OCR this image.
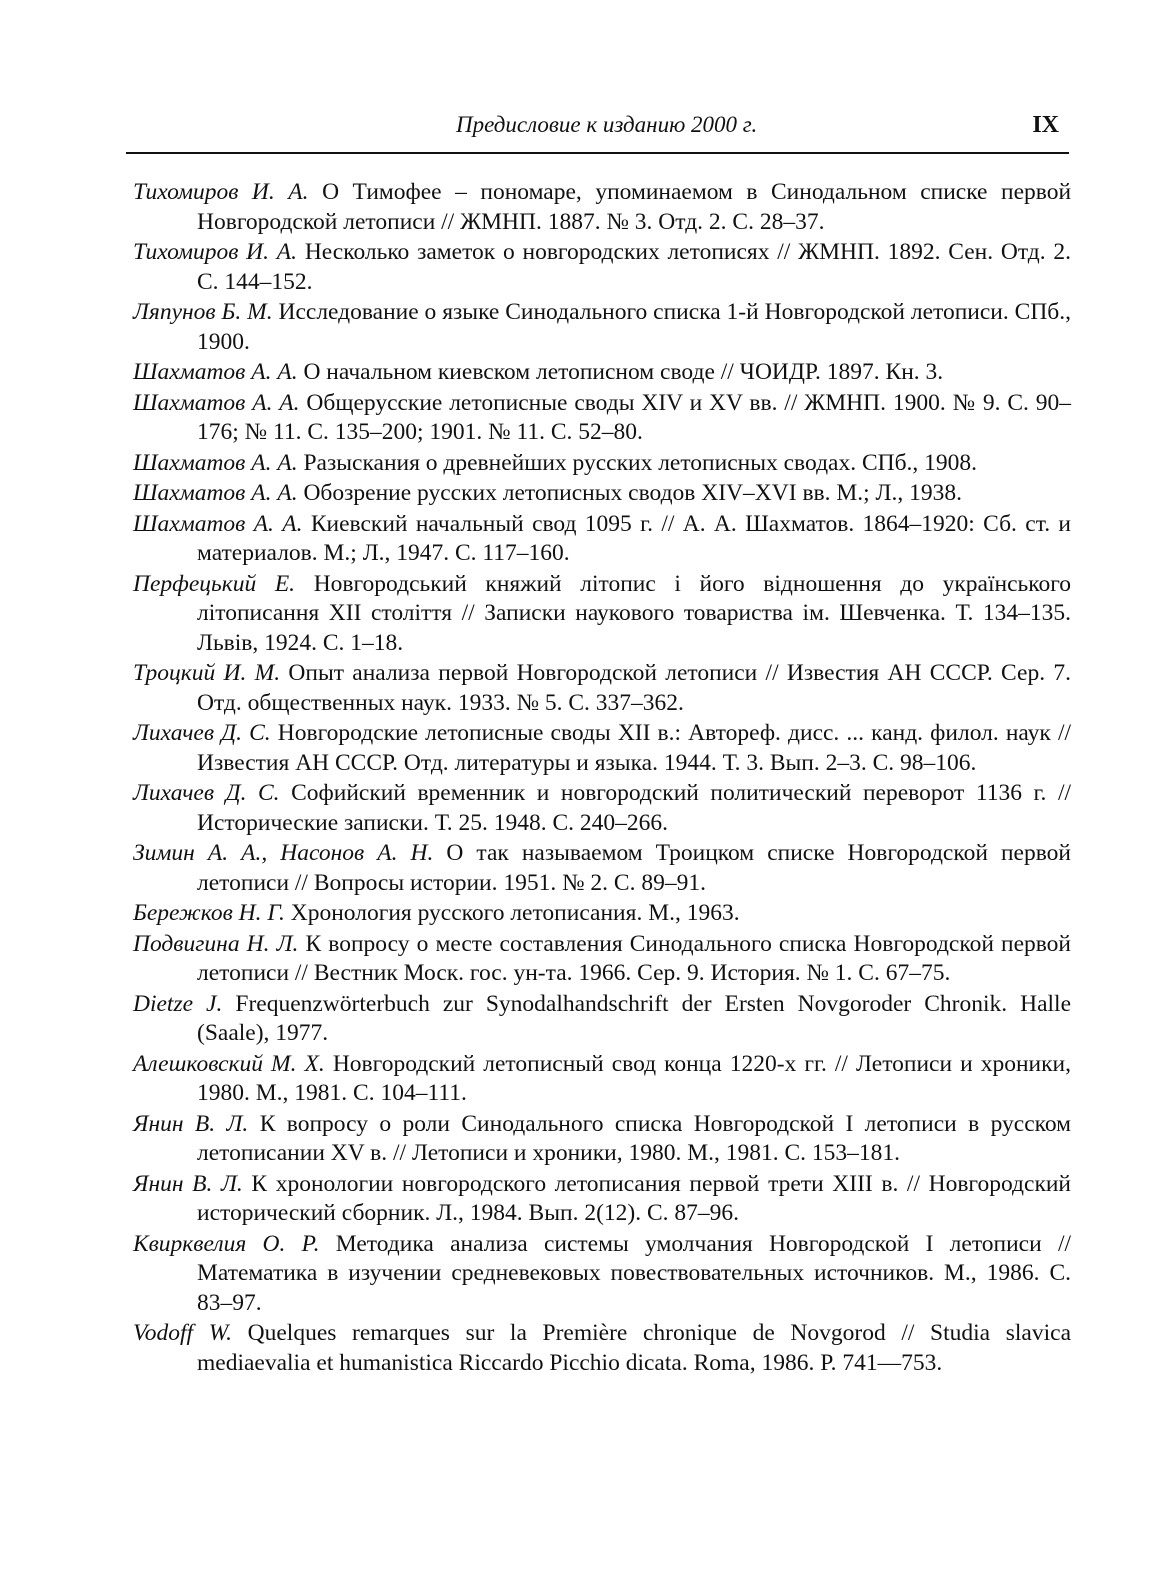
Предисловие к изданию 2000 г.	IX

Тихомиров И. А. О Тимофее – пономаре, упоминаемом в Синодальном списке первой Новгородской летописи // ЖМНП. 1887. № 3. Отд. 2. С. 28–37.

Тихомиров И. А. Несколько заметок о новгородских летописях // ЖМНП. 1892. Сен. Отд. 2. С. 144–152.

Ляпунов Б. М. Исследование о языке Синодального списка 1-й Новгородской летописи. СПб., 1900.

Шахматов А. А. О начальном киевском летописном своде // ЧОИДР. 1897. Кн. 3.

Шахматов А. А. Общерусские летописные своды XIV и XV вв. // ЖМНП. 1900. № 9. С. 90–176; № 11. С. 135–200; 1901. № 11. С. 52–80.

Шахматов А. А. Разыскания о древнейших русских летописных сводах. СПб., 1908.

Шахматов А. А. Обозрение русских летописных сводов XIV–XVI вв. М.; Л., 1938.

Шахматов А. А. Киевский начальный свод 1095 г. // А. А. Шахматов. 1864–1920: Сб. ст. и материалов. М.; Л., 1947. С. 117–160.

Перфецький Е. Новгородський княжий літопис і його відношення до українського літописання XII століття // Записки наукового товариства ім. Шевченка. Т. 134–135. Львів, 1924. С. 1–18.

Троцкий И. М. Опыт анализа первой Новгородской летописи // Известия АН СССР. Сер. 7. Отд. общественных наук. 1933. № 5. С. 337–362.

Лихачев Д. С. Новгородские летописные своды XII в.: Автореф. дисс. ... канд. филол. наук // Известия АН СССР. Отд. литературы и языка. 1944. Т. 3. Вып. 2–3. С. 98–106.

Лихачев Д. С. Софийский временник и новгородский политический переворот 1136 г. // Исторические записки. Т. 25. 1948. С. 240–266.

Зимин А. А., Насонов А. Н. О так называемом Троицком списке Новгородской первой летописи // Вопросы истории. 1951. № 2. С. 89–91.

Бережков Н. Г. Хронология русского летописания. М., 1963.

Подвигина Н. Л. К вопросу о месте составления Синодального списка Новгородской первой летописи // Вестник Моск. гос. ун-та. 1966. Сер. 9. История. № 1. С. 67–75.

Dietze J. Frequenzwörterbuch zur Synodalhandschrift der Ersten Novgoroder Chronik. Halle (Saale), 1977.

Алешковский М. Х. Новгородский летописный свод конца 1220-х гг. // Летописи и хроники, 1980. М., 1981. С. 104–111.

Янин В. Л. К вопросу о роли Синодального списка Новгородской I летописи в русском летописании XV в. // Летописи и хроники, 1980. М., 1981. С. 153–181.

Янин В. Л. К хронологии новгородского летописания первой трети XIII в. // Новгородский исторический сборник. Л., 1984. Вып. 2(12). С. 87–96.

Квирквелия О. Р. Методика анализа системы умолчания Новгородской I летописи // Математика в изучении средневековых повествовательных источников. М., 1986. С. 83–97.

Vodoff W. Quelques remarques sur la Première chronique de Novgorod // Studia slavica mediaevalia et humanistica Riccardo Picchio dicata. Roma, 1986. P. 741—753.
